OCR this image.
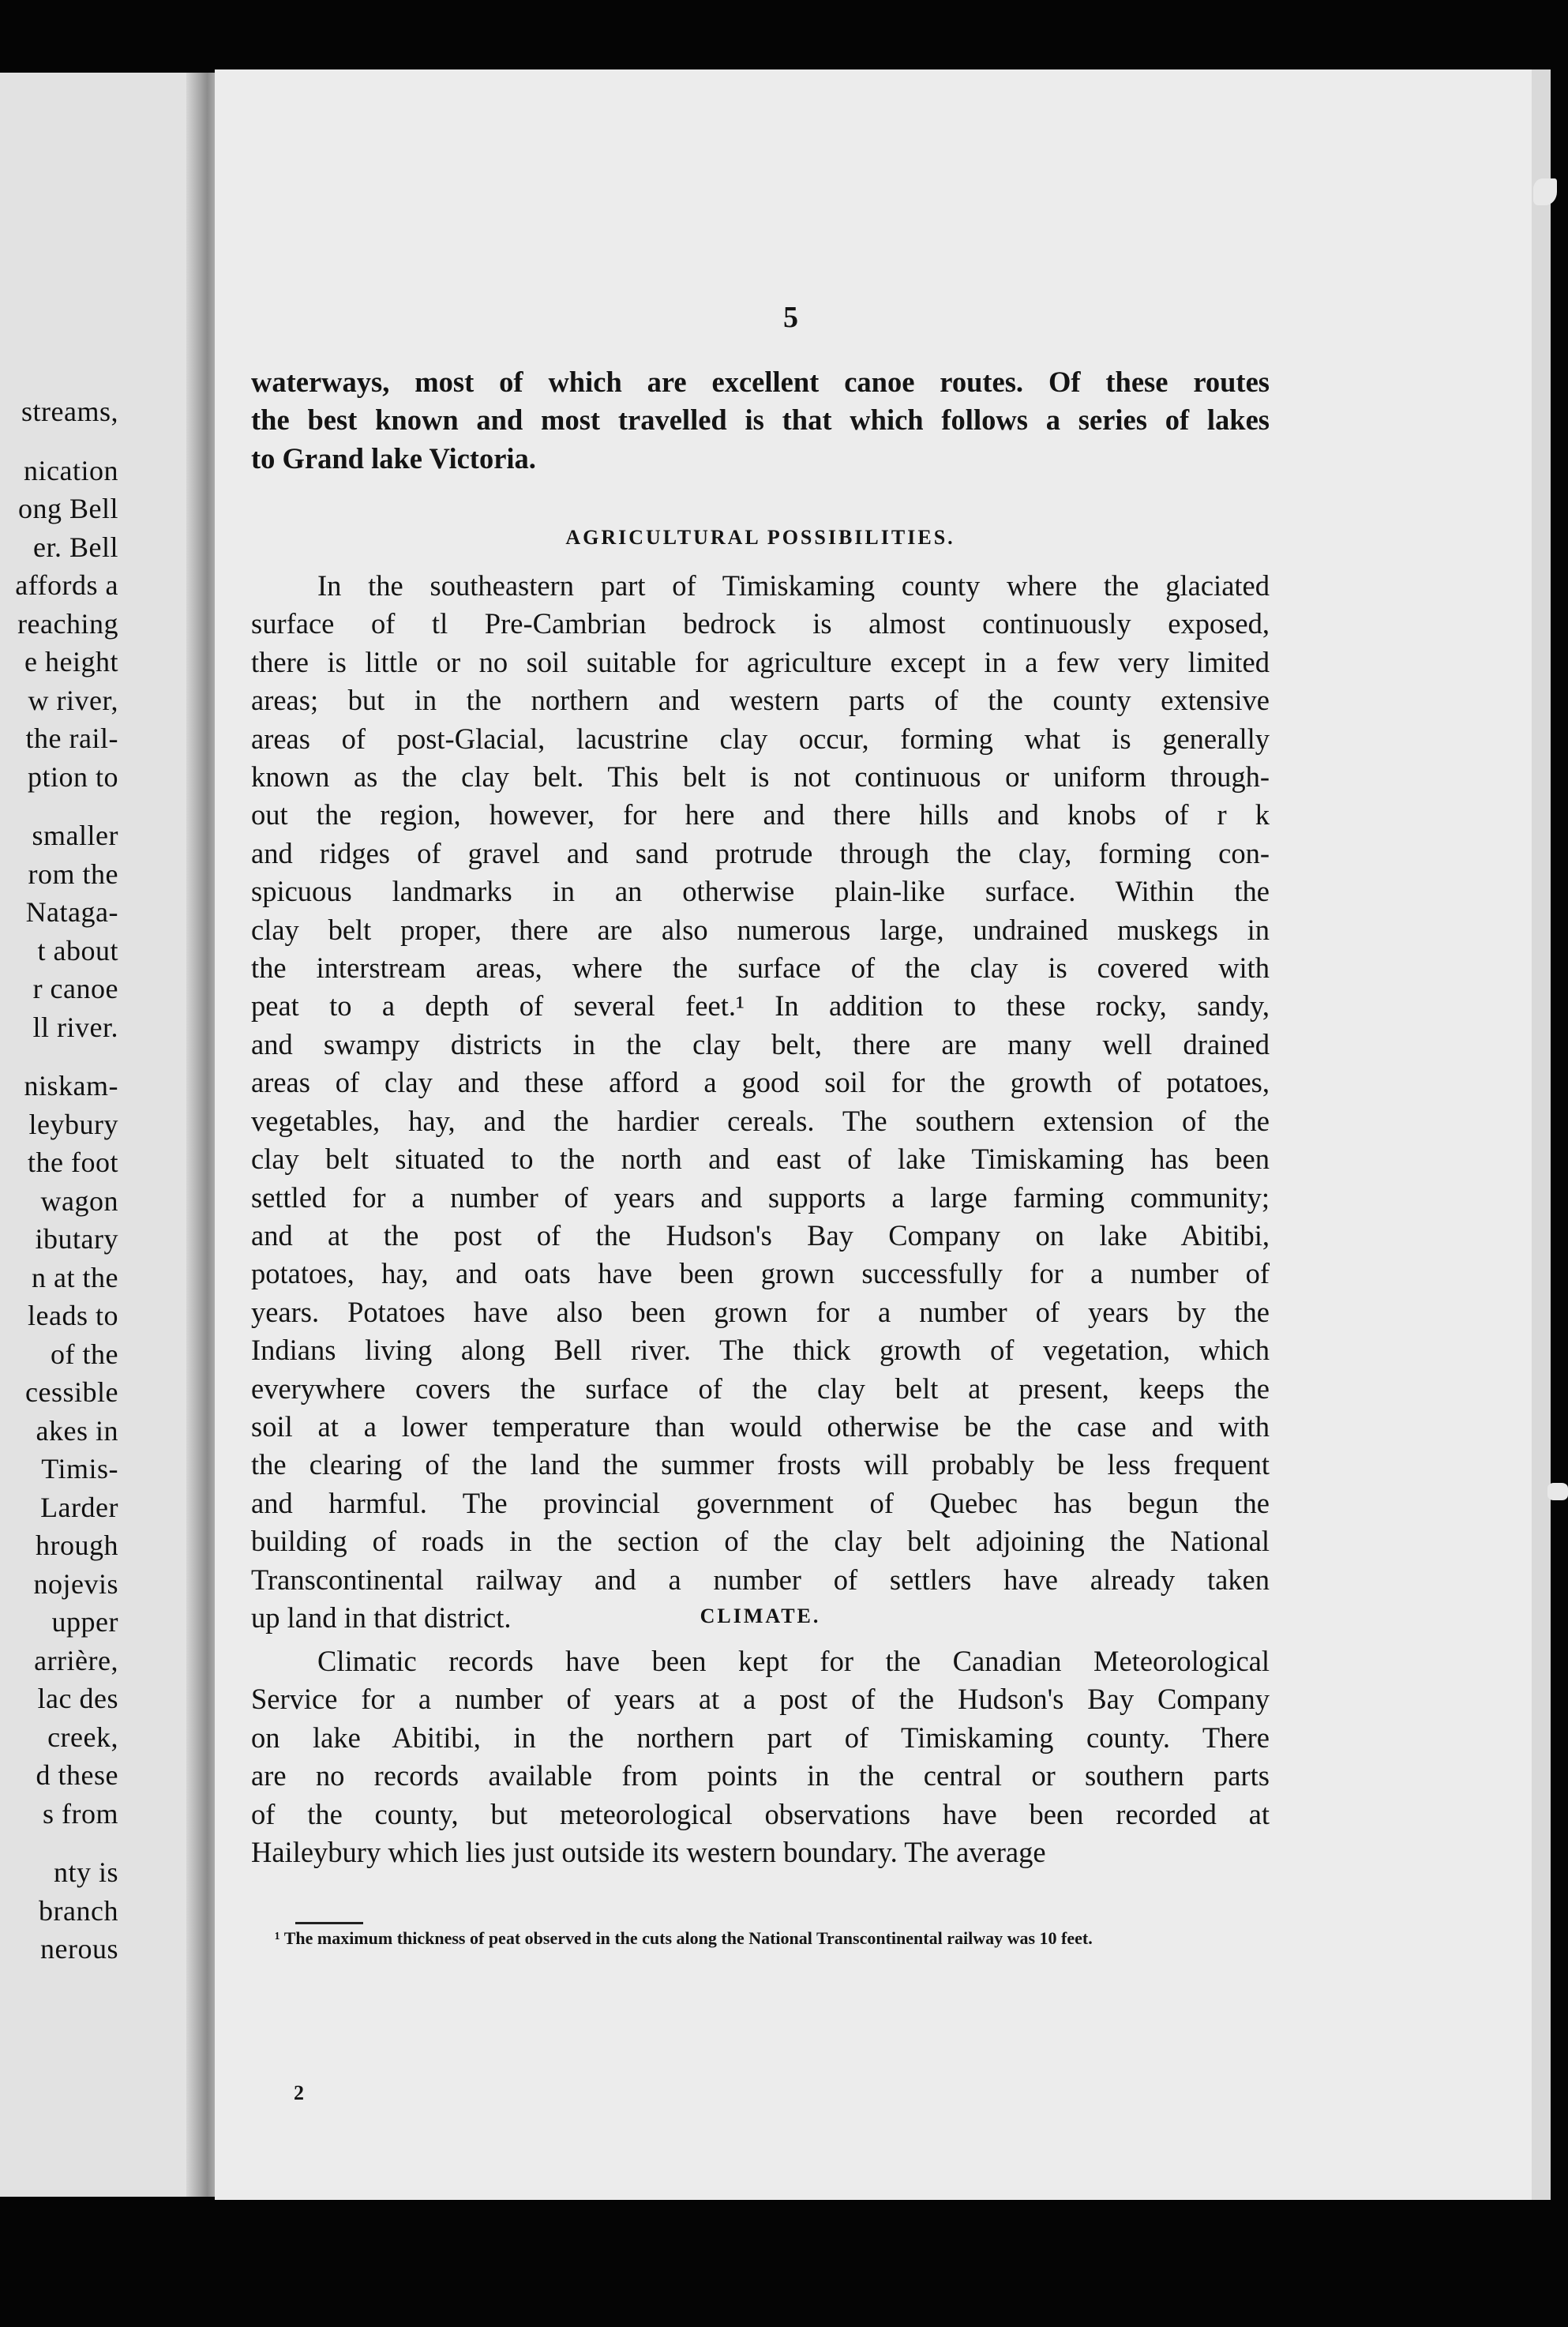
streams,
nication
ong Bell
er. Bell
affords a
reaching
e height
w river,
the rail-
ption to
smaller
rom the
Nataga-
t about
r canoe
ll river.
niskam-
leybury
the foot
wagon
ibutary
n at the
leads to
of the
cessible
akes in
Timis-
Larder
hrough
nojevis
upper
arrière,
lac des
creek,
d these
s from
nty is
branch
nerous
5
waterways, most of which are excellent canoe routes. Of these routes
the best known and most travelled is that which follows a series of lakes
to Grand lake Victoria.
AGRICULTURAL POSSIBILITIES.
In the southeastern part of Timiskaming county where the glaciated
surface of tl Pre-Cambrian bedrock is almost continuously exposed,
there is little or no soil suitable for agriculture except in a few very limited
areas; but in the northern and western parts of the county extensive
areas of post-Glacial, lacustrine clay occur, forming what is generally
known as the clay belt. This belt is not continuous or uniform through-
out the region, however, for here and there hills and knobs of r k
and ridges of gravel and sand protrude through the clay, forming con-
spicuous landmarks in an otherwise plain-like surface. Within the
clay belt proper, there are also numerous large, undrained muskegs in
the interstream areas, where the surface of the clay is covered with
peat to a depth of several feet.¹ In addition to these rocky, sandy,
and swampy districts in the clay belt, there are many well drained
areas of clay and these afford a good soil for the growth of potatoes,
vegetables, hay, and the hardier cereals. The southern extension of the
clay belt situated to the north and east of lake Timiskaming has been
settled for a number of years and supports a large farming community;
and at the post of the Hudson's Bay Company on lake Abitibi,
potatoes, hay, and oats have been grown successfully for a number of
years. Potatoes have also been grown for a number of years by the
Indians living along Bell river. The thick growth of vegetation, which
everywhere covers the surface of the clay belt at present, keeps the
soil at a lower temperature than would otherwise be the case and with
the clearing of the land the summer frosts will probably be less frequent
and harmful. The provincial government of Quebec has begun the
building of roads in the section of the clay belt adjoining the National
Transcontinental railway and a number of settlers have already taken
up land in that district.	CLIMATE.
Climatic records have been kept for the Canadian Meteorological
Service for a number of years at a post of the Hudson's Bay Company
on lake Abitibi, in the northern part of Timiskaming county. There
are no records available from points in the central or southern parts
of the county, but meteorological observations have been recorded at
Haileybury which lies just outside its western boundary. The average

¹ The maximum thickness of peat observed in the cuts along the National Transcontinental railway was 10 feet.

2
